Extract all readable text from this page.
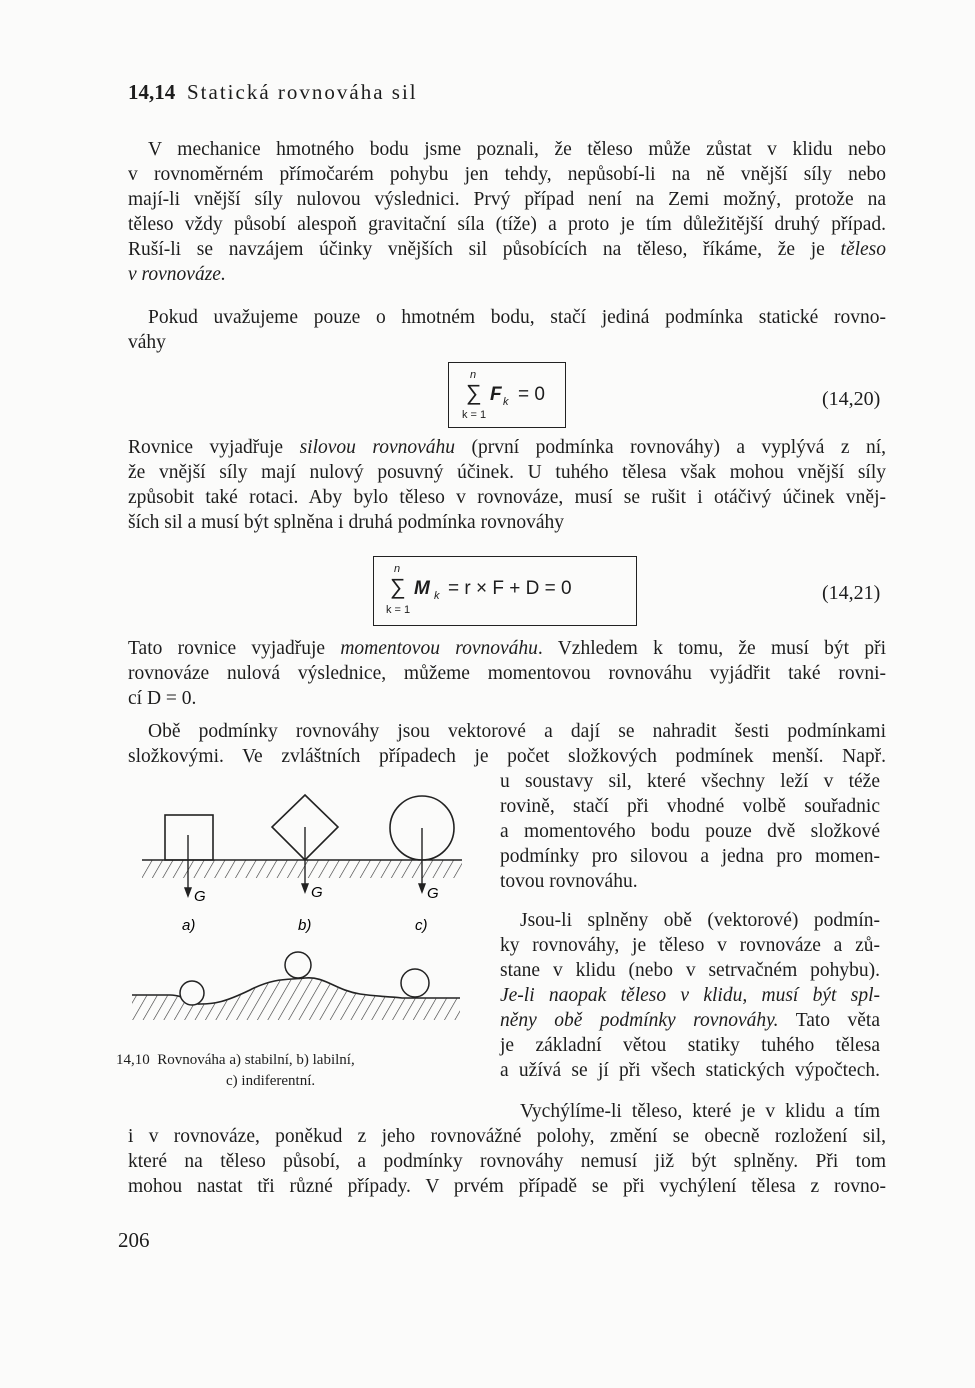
14,14 Statická rovnováha sil
V mechanice hmotného bodu jsme poznali, že těleso může zůstat v klidu nebo
v rovnoměrném přímočarém pohybu jen tehdy, nepůsobí-li na ně vnější síly nebo
mají-li vnější síly nulovou výslednici. Prvý případ není na Zemi možný, protože na
těleso vždy působí alespoň gravitační síla (tíže) a proto je tím důležitější druhý případ.
Ruší-li se navzájem účinky vnějších sil působících na těleso, říkáme, že je těleso
v rovnováze.
Pokud uvažujeme pouze o hmotném bodu, stačí jediná podmínka statické rovno-
váhy
n
∑
k = 1
F k = 0	(14,20)
Rovnice vyjadřuje silovou rovnováhu (první podmínka rovnováhy) a vyplývá z ní,
že vnější síly mají nulový posuvný účinek. U tuhého tělesa však mohou vnější síly
způsobit také rotaci. Aby bylo těleso v rovnováze, musí se rušit i otáčivý účinek vněj-
ších sil a musí být splněna i druhá podmínka rovnováhy
n
∑
k = 1
M k = r × F + D = 0	(14,21)
Tato rovnice vyjadřuje momentovou rovnováhu. Vzhledem k tomu, že musí být při
rovnováze nulová výslednice, můžeme momentovou rovnováhu vyjádřit také rovni-
cí D = 0.
Obě podmínky rovnováhy jsou vektorové a dají se nahradit šesti podmínkami
složkovými. Ve zvláštních případech je počet složkových podmínek menší. Např.
u soustavy sil, které všechny leží v téže
rovině, stačí při vhodné volbě souřadnic
a momentového bodu pouze dvě složkové
podmínky pro silovou a jedna pro momen-
tovou rovnováhu.
Jsou-li splněny obě (vektorové) podmín-
ky rovnováhy, je těleso v rovnováze a zů-
stane v klidu (nebo v setrvačném pohybu).
Je-li naopak těleso v klidu, musí být spl-
něny obě podmínky rovnováhy. Tato věta
je základní větou statiky tuhého tělesa
a užívá se jí při všech statických výpočtech.
Vychýlíme-li těleso, které je v klidu a tím
i v rovnováze, poněkud z jeho rovnovážné polohy, změní se obecně rozložení sil,
které na těleso působí, a podmínky rovnováhy nemusí již být splněny. Při tom
mohou nastat tři různé případy. V prvém případě se při vychýlení tělesa z rovno-
G	G	G
a)	b)	c)
14,10 Rovnováha a) stabilní, b) labilní,
c) indiferentní.
206
